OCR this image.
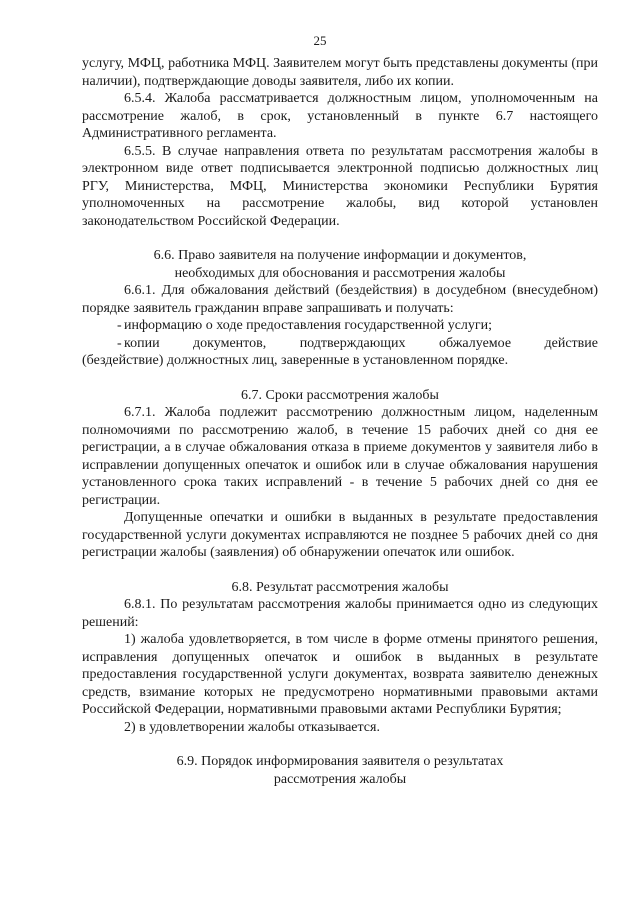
25

услугу, МФЦ, работника МФЦ. Заявителем могут быть представлены документы (при наличии), подтверждающие доводы заявителя, либо их копии.

6.5.4. Жалоба рассматривается должностным лицом, уполномоченным на рассмотрение жалоб, в срок, установленный в пункте 6.7 настоящего Административного регламента.

6.5.5. В случае направления ответа по результатам рассмотрения жалобы в электронном виде ответ подписывается электронной подписью должностных лиц РГУ, Министерства, МФЦ, Министерства экономики Республики Бурятия уполномоченных на рассмотрение жалобы, вид которой установлен законодательством Российской Федерации.

6.6. Право заявителя на получение информации и документов,

необходимых для обоснования и рассмотрения жалобы

6.6.1. Для обжалования действий (бездействия) в досудебном (внесудебном) порядке заявитель гражданин вправе запрашивать и получать:

- информацию о ходе предоставления государственной услуги;
- копии документов, подтверждающих обжалуемое действие

(бездействие) должностных лиц, заверенные в установленном порядке.

6.7. Сроки рассмотрения жалобы

6.7.1. Жалоба подлежит рассмотрению должностным лицом, наделенным полномочиями по рассмотрению жалоб, в течение 15 рабочих дней со дня ее регистрации, а в случае обжалования отказа в приеме документов у заявителя либо в исправлении допущенных опечаток и ошибок или в случае обжалования нарушения установленного срока таких исправлений - в течение 5 рабочих дней со дня ее регистрации.

Допущенные опечатки и ошибки в выданных в результате предоставления государственной услуги документах исправляются не позднее 5 рабочих дней со дня регистрации жалобы (заявления) об обнаружении опечаток или ошибок.

6.8. Результат рассмотрения жалобы

6.8.1. По результатам рассмотрения жалобы принимается одно из следующих решений:

1) жалоба удовлетворяется, в том числе в форме отмены принятого решения, исправления допущенных опечаток и ошибок в выданных в результате предоставления государственной услуги документах, возврата заявителю денежных средств, взимание которых не предусмотрено нормативными правовыми актами Российской Федерации, нормативными правовыми актами Республики Бурятия;

2) в удовлетворении жалобы отказывается.

6.9. Порядок информирования заявителя о результатах

рассмотрения жалобы
